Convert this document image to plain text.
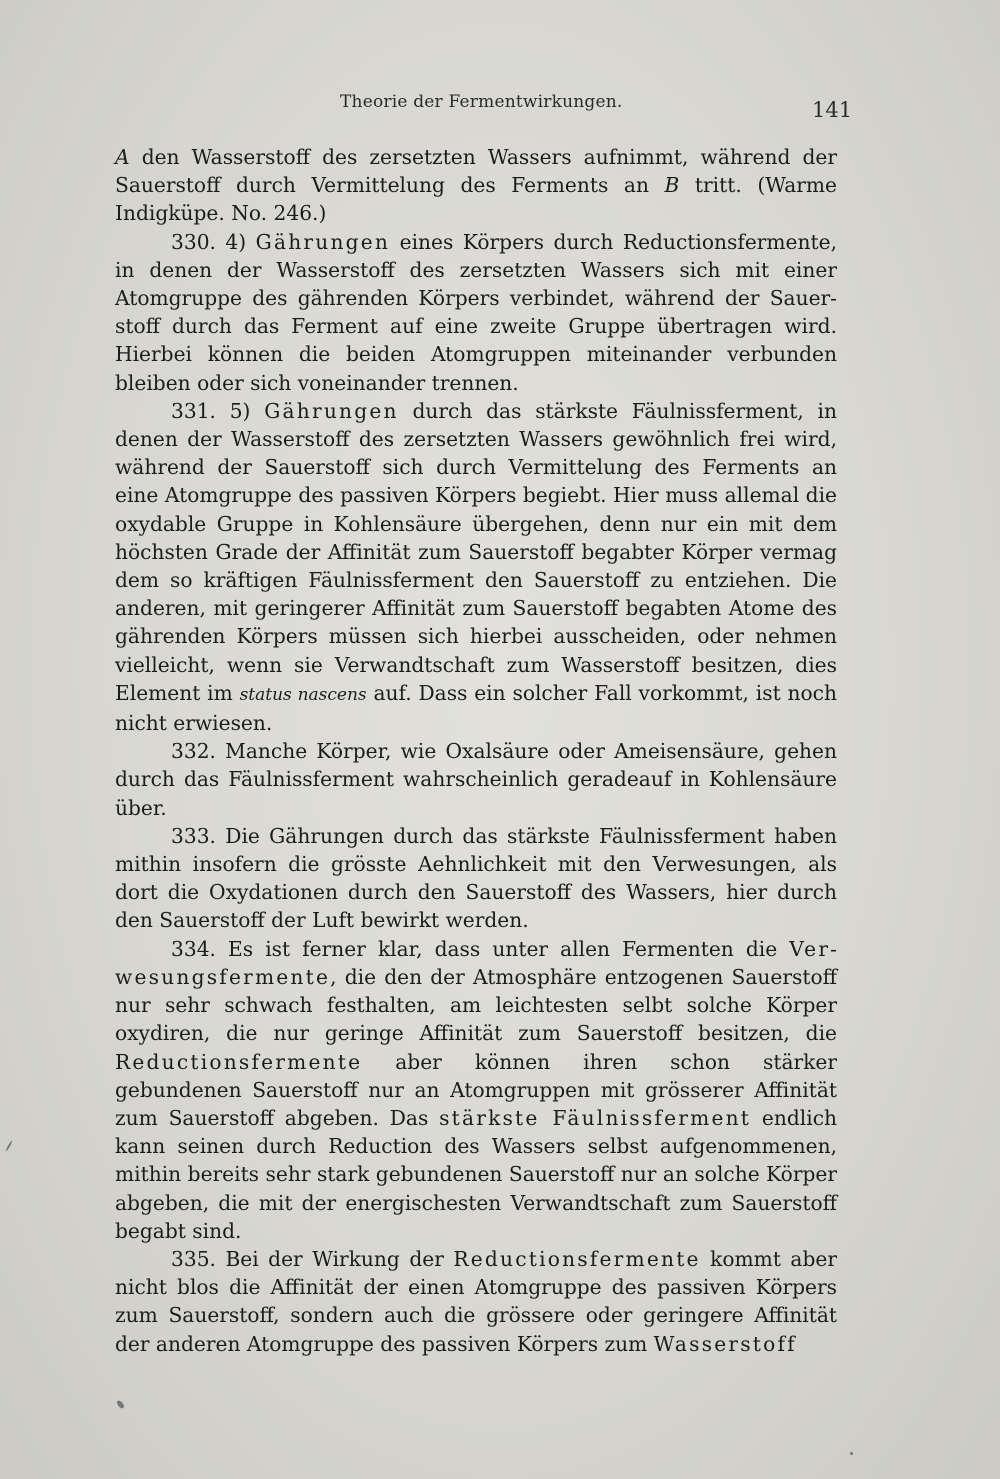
Theorie der Fermentwirkungen.	141

A den Wasserstoff des zersetzten Wassers aufnimmt, während der Sauerstoff durch Vermittelung des Ferments an B tritt. (Warme Indigküpe. No. 246.)

330. 4) Gährungen eines Körpers durch Reductionsfermente, in denen der Wasserstoff des zersetzten Wassers sich mit einer Atomgruppe des gährenden Körpers verbindet, während der Sauerstoff durch das Ferment auf eine zweite Gruppe übertragen wird. Hierbei können die beiden Atomgruppen miteinander verbunden bleiben oder sich voneinander trennen.

331. 5) Gährungen durch das stärkste Fäulnissferment, in denen der Wasserstoff des zersetzten Wassers gewöhnlich frei wird, während der Sauerstoff sich durch Vermittelung des Ferments an eine Atomgruppe des passiven Körpers begiebt. Hier muss allemal die oxydable Gruppe in Kohlensäure übergehen, denn nur ein mit dem höchsten Grade der Affinität zum Sauerstoff begabter Körper vermag dem so kräftigen Fäulnissferment den Sauerstoff zu entziehen. Die anderen, mit geringerer Affinität zum Sauerstoff begabten Atome des gährenden Körpers müssen sich hierbei ausscheiden, oder nehmen vielleicht, wenn sie Verwandtschaft zum Wasserstoff besitzen, dies Element im status nascens auf. Dass ein solcher Fall vorkommt, ist noch nicht erwiesen.

332. Manche Körper, wie Oxalsäure oder Ameisensäure, gehen durch das Fäulnissferment wahrscheinlich geradeauf in Kohlensäure über.

333. Die Gährungen durch das stärkste Fäulnissferment haben mithin insofern die grösste Aehnlichkeit mit den Verwesungen, als dort die Oxydationen durch den Sauerstoff des Wassers, hier durch den Sauerstoff der Luft bewirkt werden.

334. Es ist ferner klar, dass unter allen Fermenten die Verwesungsfermente, die den der Atmosphäre entzogenen Sauerstoff nur sehr schwach festhalten, am leichtesten selbt solche Körper oxydiren, die nur geringe Affinität zum Sauerstoff besitzen, die Reductionsfermente aber können ihren schon stärker gebundenen Sauerstoff nur an Atomgruppen mit grösserer Affinität zum Sauerstoff abgeben. Das stärkste Fäulnissferment endlich kann seinen durch Reduction des Wassers selbst aufgenommenen, mithin bereits sehr stark gebundenen Sauerstoff nur an solche Körper abgeben, die mit der energischesten Verwandtschaft zum Sauerstoff begabt sind.

335. Bei der Wirkung der Reductionsfermente kommt aber nicht blos die Affinität der einen Atomgruppe des passiven Körpers zum Sauerstoff, sondern auch die grössere oder geringere Affinität der anderen Atomgruppe des passiven Körpers zum Wasserstoff
